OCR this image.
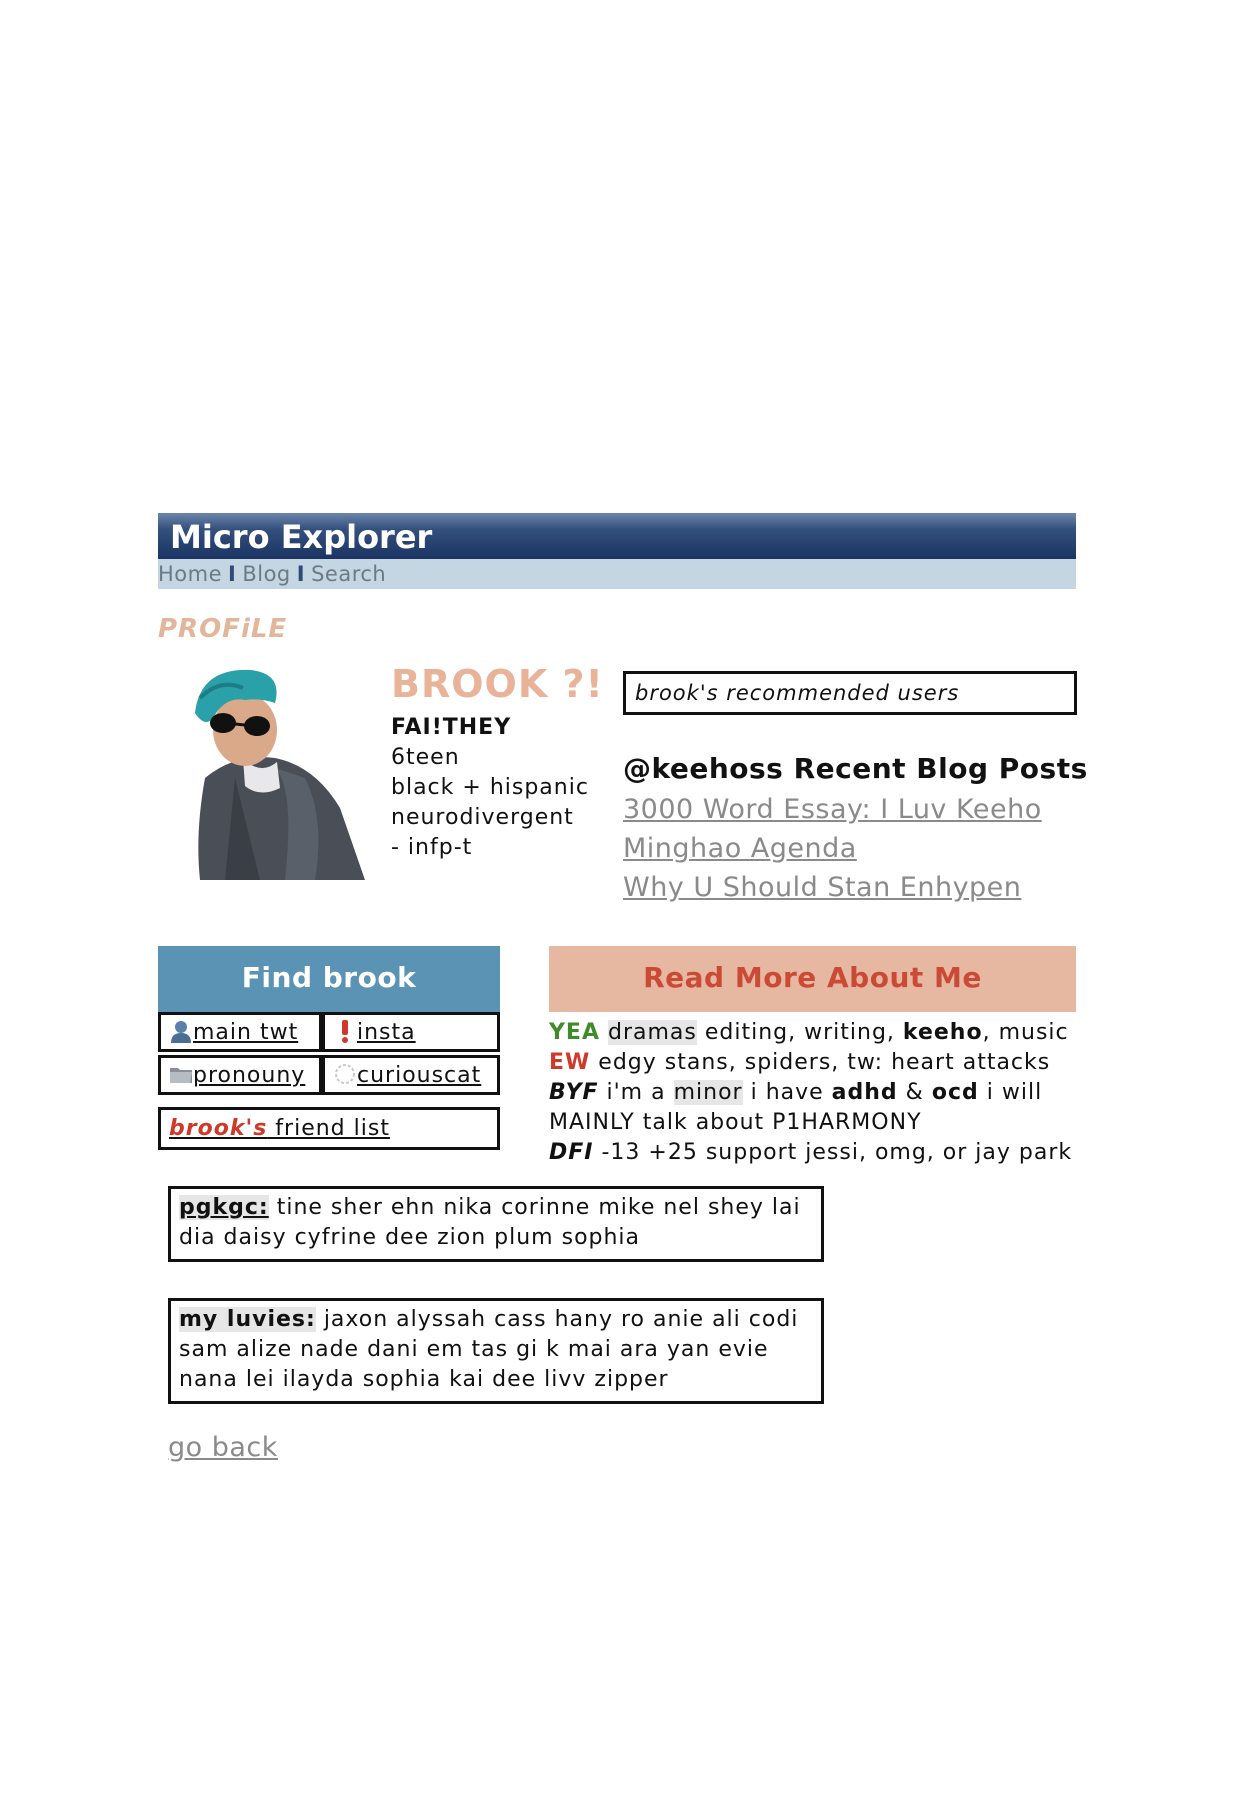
Micro Explorer
Home I Blog I Search
PROFiLE
BROOK ?!
FAI!THEY
6teen
black + hispanic
neurodivergent
- infp-t
brook's recommended users
@keehoss Recent Blog Posts
3000 Word Essay: I Luv Keeho
Minghao Agenda
Why U Should Stan Enhypen
Find brook
main twt	insta
pronouny	curiouscat
brook's friend list
Read More About Me
YEA dramas editing, writing, keeho, music
EW edgy stans, spiders, tw: heart attacks
BYF i'm a minor i have adhd & ocd i will MAINLY talk about P1HARMONY
DFI -13 +25 support jessi, omg, or jay park
pgkgc: tine sher ehn nika corinne mike nel shey lai dia daisy cyfrine dee zion plum sophia
my luvies: jaxon alyssah cass hany ro anie ali codi sam alize nade dani em tas gi k mai ara yan evie nana lei ilayda sophia kai dee livv zipper
go back
